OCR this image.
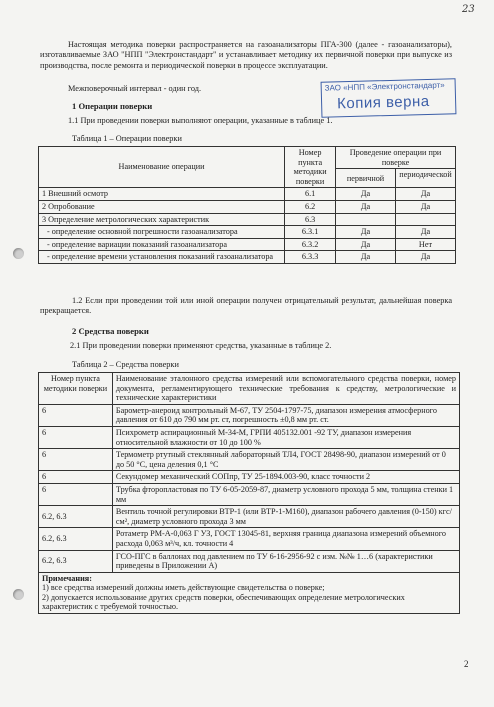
23
Настоящая методика поверки распространяется на газоанализаторы ПГА-300 (далее - газоанализаторы), изготавливаемые ЗАО "НПП "Электронстандарт" и устанавливает методику их первичной поверки при выпуске из производства, после ремонта и периодической поверки в процессе эксплуатации.
Межповерочный интервал - один год.	ЗАО «НПП «Электронстандарт»
Копия верна
1 Операции поверки
1.1 При проведении поверки выполняют операции, указанные в таблице 1.
Таблица 1 – Операции поверки
Наименование операции	Номер пункта методики поверки	Проведение операции при поверке	
		первичной	периодической
1 Внешний осмотр	6.1	Да	Да
2 Опробование	6.2	Да	Да
3 Определение метрологических характеристик	6.3		
- определение основной погрешности газоанализатора	6.3.1	Да	Да
- определение вариации показаний газоанализатора	6.3.2	Да	Нет
- определение времени установления показаний газоанализатора	6.3.3	Да	Да
1.2 Если при проведении той или иной операции получен отрицательный результат, дальнейшая поверка прекращается.
2 Средства поверки
2.1 При проведении поверки применяют средства, указанные в таблице 2.
Таблица 2 – Средства поверки
Номер пункта методики поверки	Наименование эталонного средства измерений или вспомогательного средства поверки, номер документа, регламентирующего технические требования к средству, метрологические и технические характеристики
6	Барометр-анероид контрольный М-67, ТУ 2504-1797-75, диапазон измерения атмосферного давления от 610 до 790 мм рт. ст, погрешность ±0,8 мм рт. ст.
6	Психрометр аспирационный М-34-М, ГРПИ 405132.001 -92 ТУ, диапазон измерения относительной влажности от 10 до 100 %
6	Термометр ртутный стеклянный лабораторный ТЛ4, ГОСТ 28498-90, диапазон измерений от 0 до 50 °С, цена деления 0,1 °С
6	Секундомер механический СОПпр, ТУ 25-1894.003-90, класс точности 2
6	Трубка фторопластовая по ТУ 6-05-2059-87, диаметр условного прохода 5 мм, толщина стенки 1 мм
6.2, 6.3	Вентиль точной регулировки ВТР-1 (или ВТР-1-М160), диапазон рабочего давления (0-150) кгс/см², диаметр условного прохода 3 мм
6.2, 6.3	Ротаметр РМ-А-0,063 Г УЗ, ГОСТ 13045-81, верхняя граница диапазона измерений объемного расхода 0,063 м³/ч, кл. точности 4
6.2, 6.3	ГСО-ПГС в баллонах под давлением по ТУ 6-16-2956-92 с изм. №№ 1…6 (характеристики приведены в Приложении А)

Примечания:
1) все средства измерений должны иметь действующие свидетельства о поверке;
2) допускается использование других средств поверки, обеспечивающих определение метрологических характеристик с требуемой точностью.	
2
